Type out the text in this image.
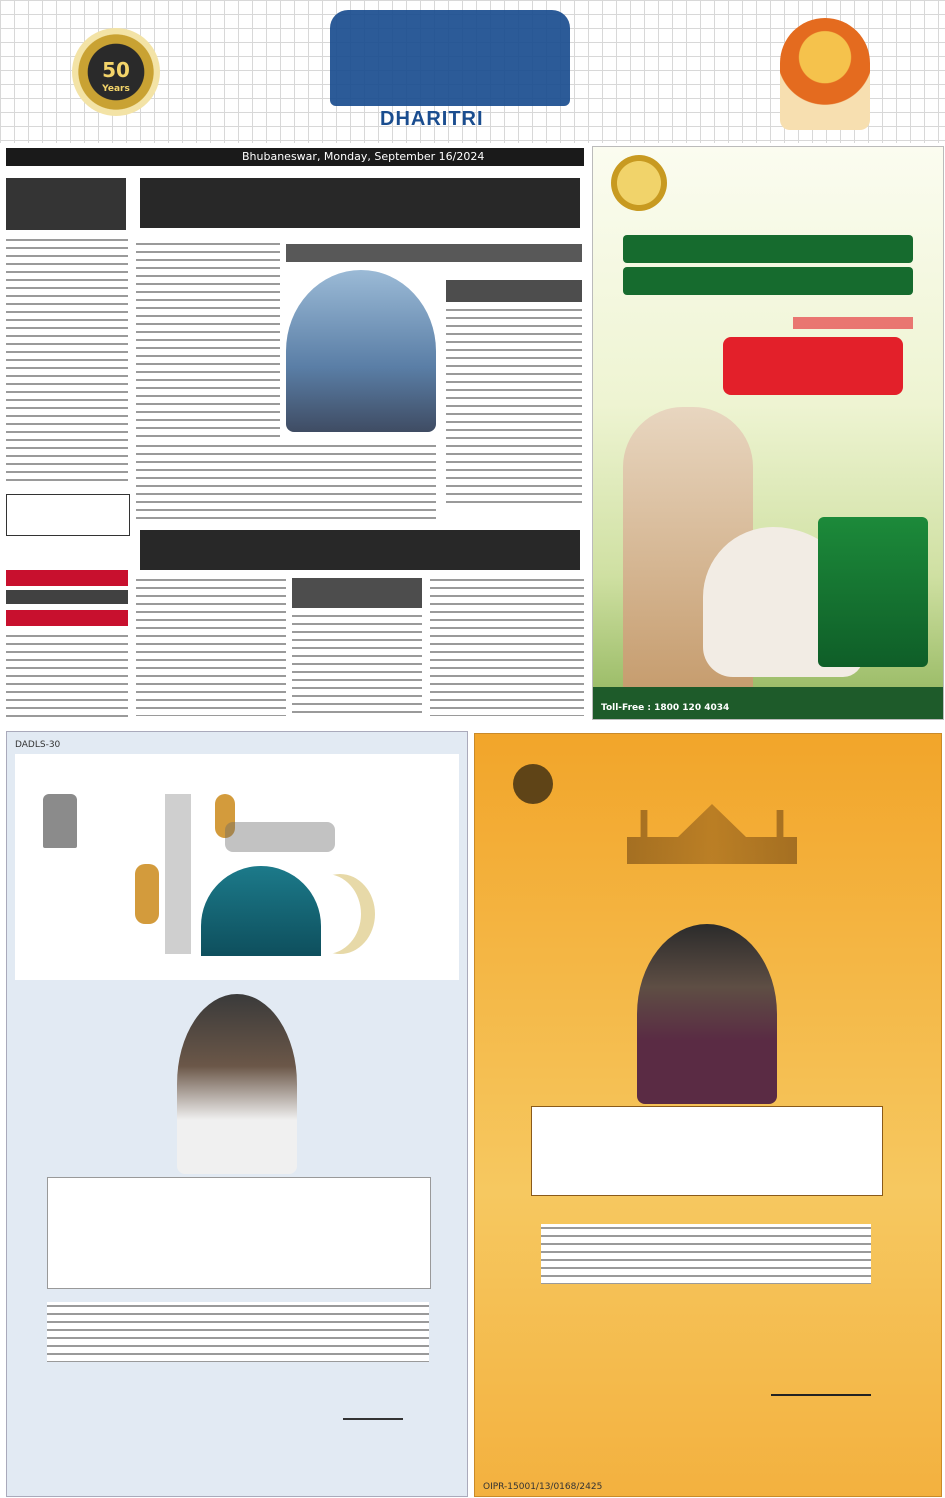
50
Years
DHARITRI
Bhubaneswar, Monday, September 16/2024
Toll-Free : 1800 120 4034
DADLS-30
OIPR-15001/13/0168/2425
